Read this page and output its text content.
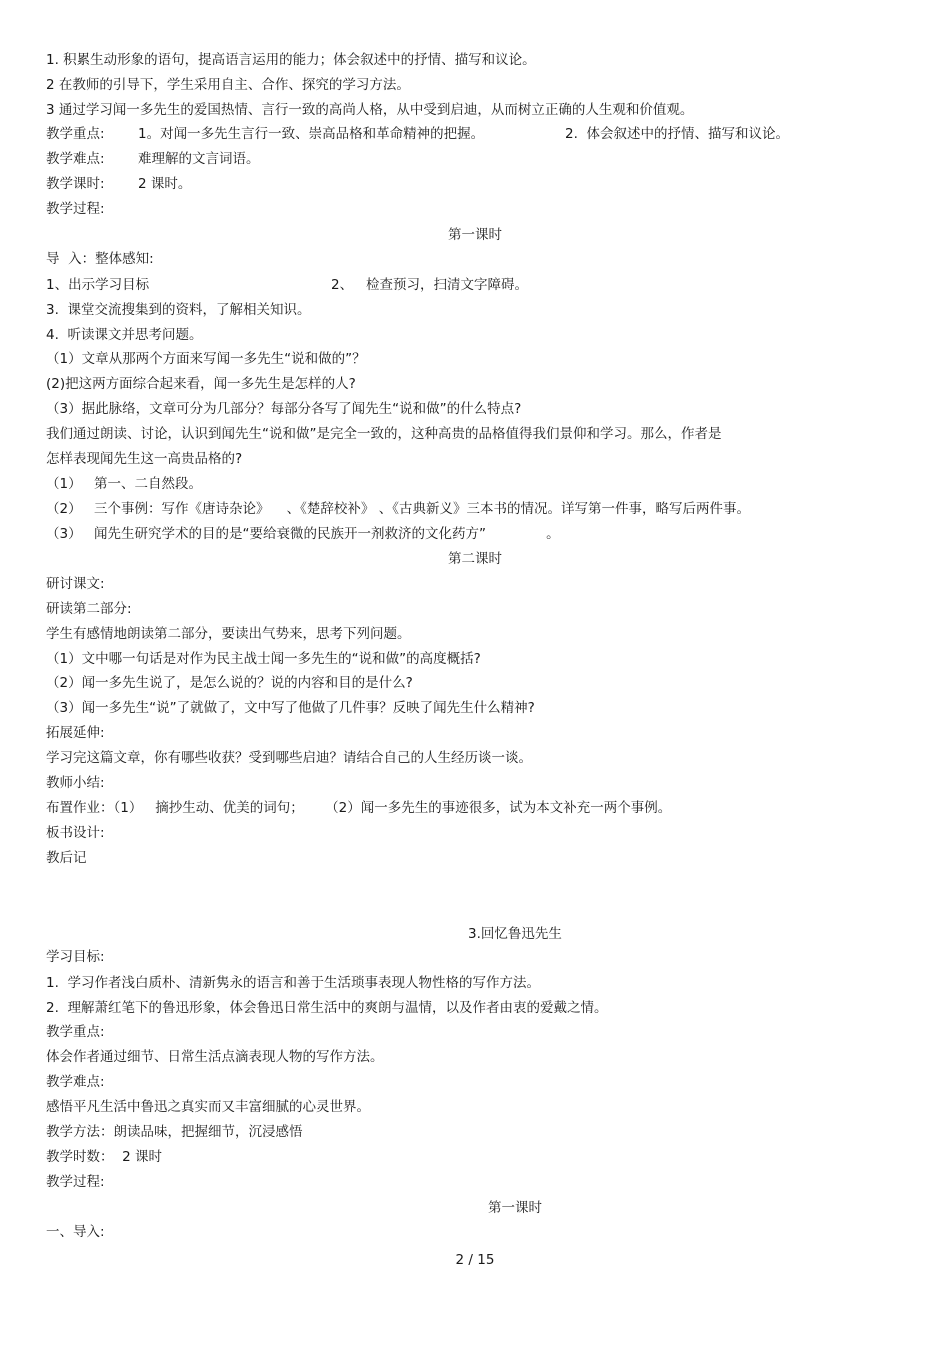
1. 积累生动形象的语句，提高语言运用的能力；体会叙述中的抒情、描写和议论。
2 在教师的引导下，学生采用自主、合作、探究的学习方法。
3 通过学习闻一多先生的爱国热情、言行一致的高尚人格，从中受到启迪，从而树立正确的人生观和价值观。
教学重点: 1。对闻一多先生言行一致、崇高品格和革命精神的把握。	2.  体会叙述中的抒情、描写和议论。
教学难点: 难理解的文言词语。
教学课时: 2 课时。
教学过程:
第一课时
导  入：整体感知:
1、出示学习目标	2、   检查预习，扫清文字障碍。
3.  课堂交流搜集到的资料，了解相关知识。
4.  听读课文并思考问题。
（1）文章从那两个方面来写闻一多先生“说和做的”？
(2)把这两方面综合起来看，闻一多先生是怎样的人?
（3）据此脉络，文章可分为几部分？每部分各写了闻先生“说和做”的什么特点?
我们通过朗读、讨论，认识到闻先生“说和做”是完全一致的，这种高贵的品格值得我们景仰和学习。那么，作者是
怎样表现闻先生这一高贵品格的?
（1） 第一、二自然段。
（2） 三个事例：写作《唐诗杂论》    、《楚辞校补》 、《古典新义》三本书的情况。详写第一件事，略写后两件事。
（3） 闻先生研究学术的目的是“要给衰微的民族开一剂救济的文化药方”              。
第二课时
研讨课文:
研读第二部分:
学生有感情地朗读第二部分，要读出气势来，思考下列问题。
（1）文中哪一句话是对作为民主战士闻一多先生的“说和做”的高度概括?
（2）闻一多先生说了，是怎么说的？说的内容和目的是什么?
（3）闻一多先生“说”了就做了，文中写了他做了几件事？反映了闻先生什么精神?
拓展延伸:
学习完这篇文章，你有哪些收获？受到哪些启迪？请结合自己的人生经历谈一谈。
教师小结:
布置作业：（1）   摘抄生动、优美的词句；     （2）闻一多先生的事迹很多，试为本文补充一两个事例。
板书设计:
教后记
3.回忆鲁迅先生
学习目标:
1.  学习作者浅白质朴、清新隽永的语言和善于生活琐事表现人物性格的写作方法。
2.  理解萧红笔下的鲁迅形象，体会鲁迅日常生活中的爽朗与温情，以及作者由衷的爱戴之情。
教学重点:
体会作者通过细节、日常生活点滴表现人物的写作方法。
教学难点:
感悟平凡生活中鲁迅之真实而又丰富细腻的心灵世界。
教学方法：朗读品味，把握细节，沉浸感悟
教学时数：  2 课时
教学过程:
第一课时
一、导入:
2 / 15
